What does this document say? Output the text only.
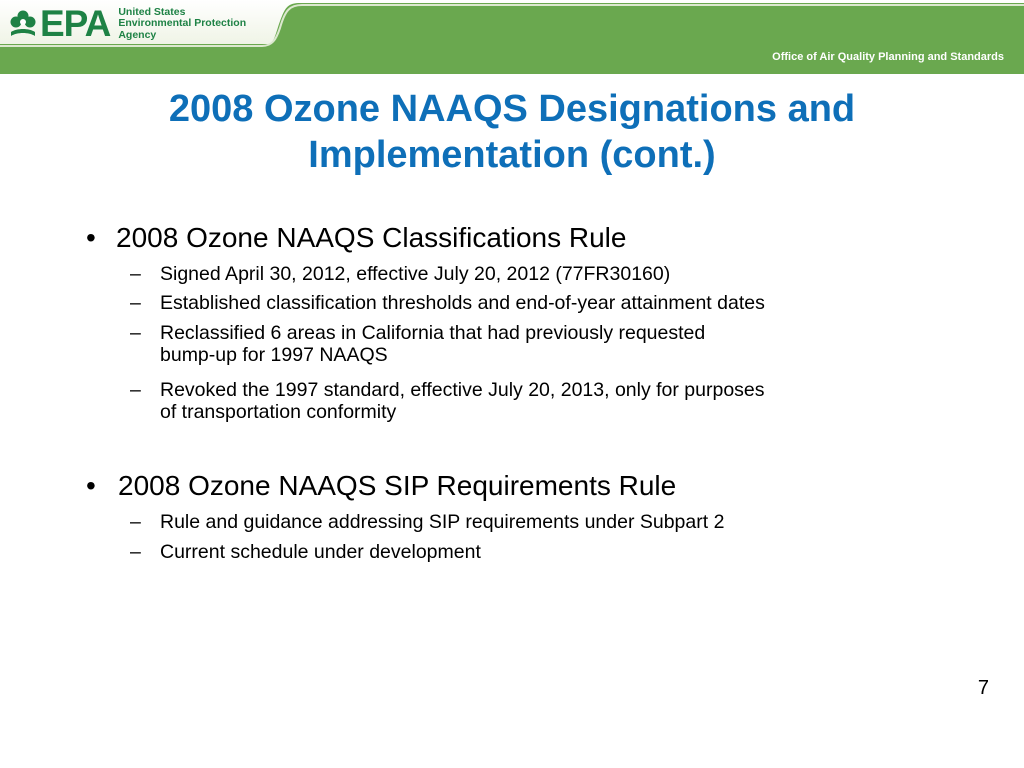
EPA United States
Environmental Protection
Agency
Office of Air Quality Planning and Standards
2008 Ozone NAAQS Designations and
Implementation (cont.)
• 2008 Ozone NAAQS Classifications Rule
– Signed April 30, 2012, effective July 20, 2012 (77FR30160)
– Established classification thresholds and end-of-year attainment dates
– Reclassified 6 areas in California that had previously requested
bump-up for 1997 NAAQS
– Revoked the 1997 standard, effective July 20, 2013, only for purposes
of transportation conformity
• 2008 Ozone NAAQS SIP Requirements Rule
– Rule and guidance addressing SIP requirements under Subpart 2
– Current schedule under development
7
